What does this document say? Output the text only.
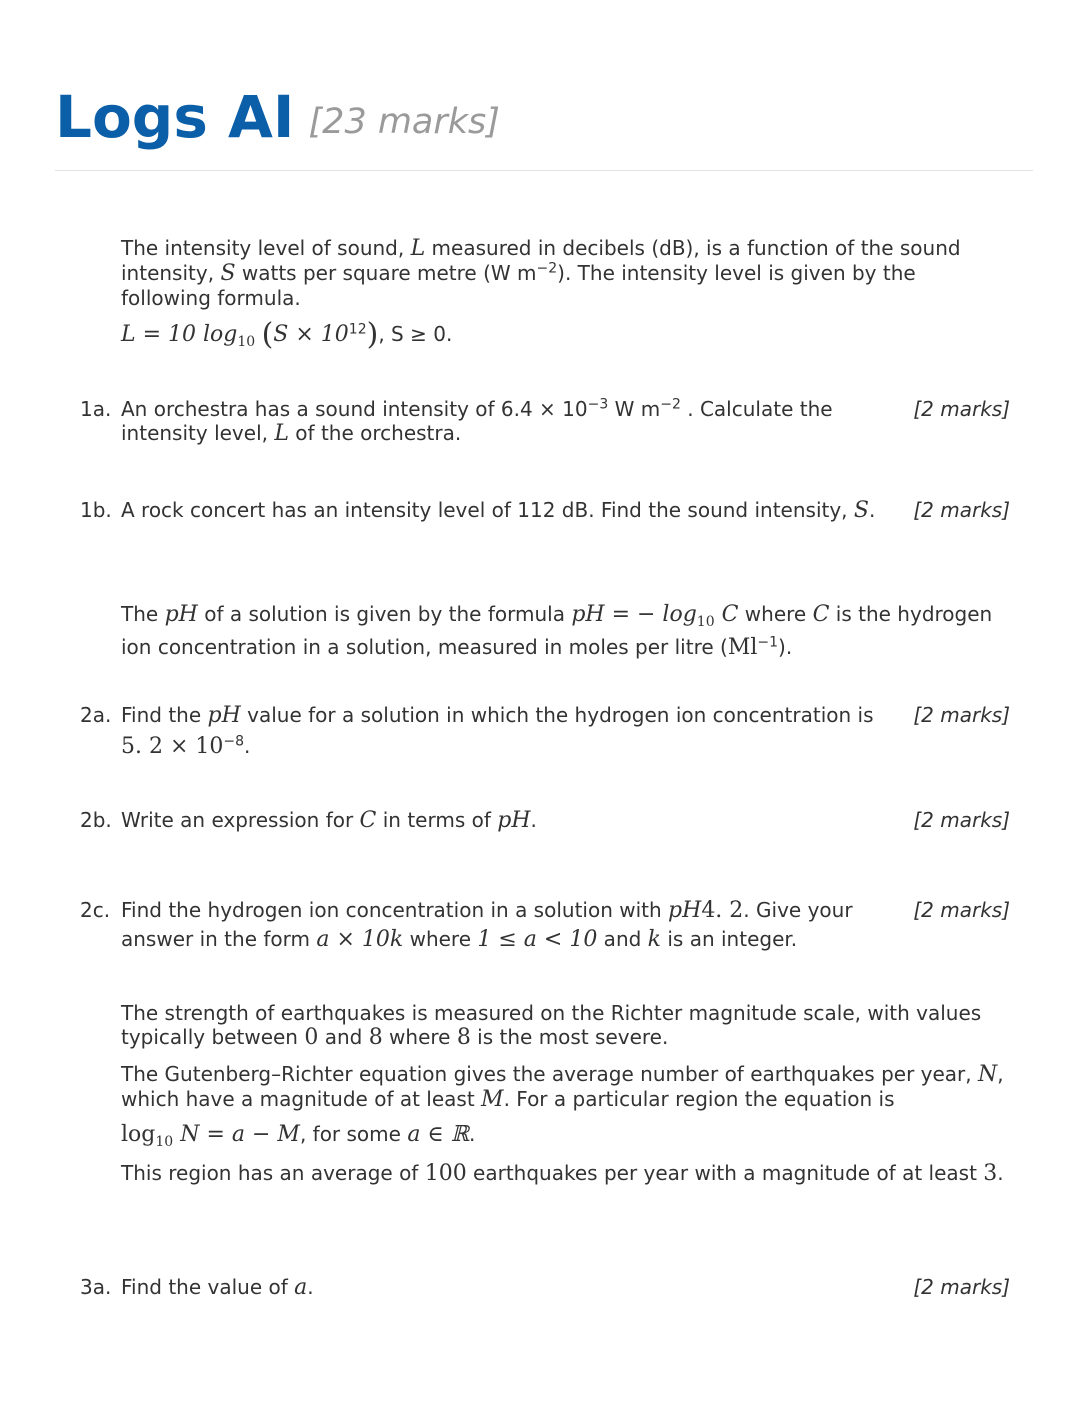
Logs AI [23 marks]

The intensity level of sound, L measured in decibels (dB), is a function of the sound intensity, S watts per square metre (W $m^{-2}$). The intensity level is given by the following formula.

L = 10 $\log_{10} (S \times 10^{12})$, S ≥ 0.

1a. An orchestra has a sound intensity of $6.4 \times 10^{-3}$ W $m^{-2}$ . Calculate the intensity level, L of the orchestra.
[2 marks]
1b. A rock concert has an intensity level of 112 dB. Find the sound intensity, S.	[2 marks]

The pH of a solution is given by the formula pH = − $\log_{10} C$ where C is the hydrogen ion concentration in a solution, measured in moles per litre $(Ml^{-1})$.

2a. Find the pH value for a solution in which the hydrogen ion concentration is 5. $2 \times 10^{-8}$.
[2 marks]
2b. Write an expression for C in terms of pH.	[2 marks]
2c. Find the hydrogen ion concentration in a solution with pH4. 2. Give your answer in the form a × 10k where 1 ≤ a < 10 and k is an integer.
[2 marks]

The strength of earthquakes is measured on the Richter magnitude scale, with values typically between 0 and 8 where 8 is the most severe.

The Gutenberg–Richter equation gives the average number of earthquakes per year, N, which have a magnitude of at least M. For a particular region the equation is

$\log_{10} N = a - M$, for some a ∈ ℝ.

This region has an average of 100 earthquakes per year with a magnitude of at least 3.

3a. Find the value of a.	[2 marks]
